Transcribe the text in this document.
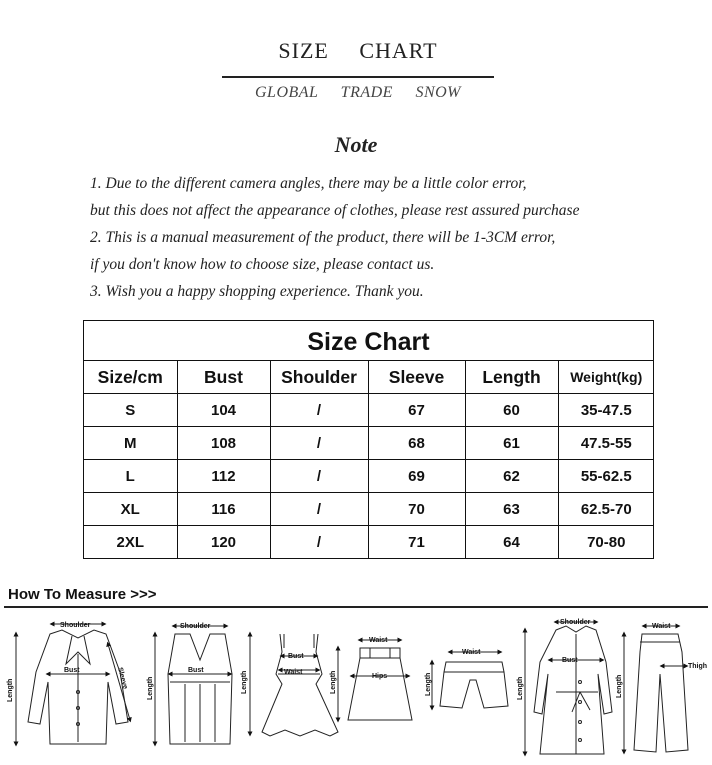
SIZE CHART
GLOBAL TRADE SNOW
Note
1. Due to the different camera angles, there may be a little color error,
but this does not affect the appearance of clothes, please rest assured purchase
2. This is a manual measurement of the product, there will be 1-3CM error,
if you don't know how to choose size, please contact us.
3. Wish you a happy shopping experience. Thank you.
Size Chart
Size/cm	Bust	Shoulder	Sleeve	Length	Weight(kg)
S	104	/	67	60	35-47.5
M	108	/	68	61	47.5-55
L	112	/	69	62	55-62.5
XL	116	/	70	63	62.5-70
2XL	120	/	71	64	70-80
How To Measure >>>
Shoulder
Bust
Length
Sleeve
Shoulder
Bust
Length
Bust
Waist
Length
Waist
Hips
Length
Waist
Length
Shoulder
Bust
Length
Waist
Thigh
Length
